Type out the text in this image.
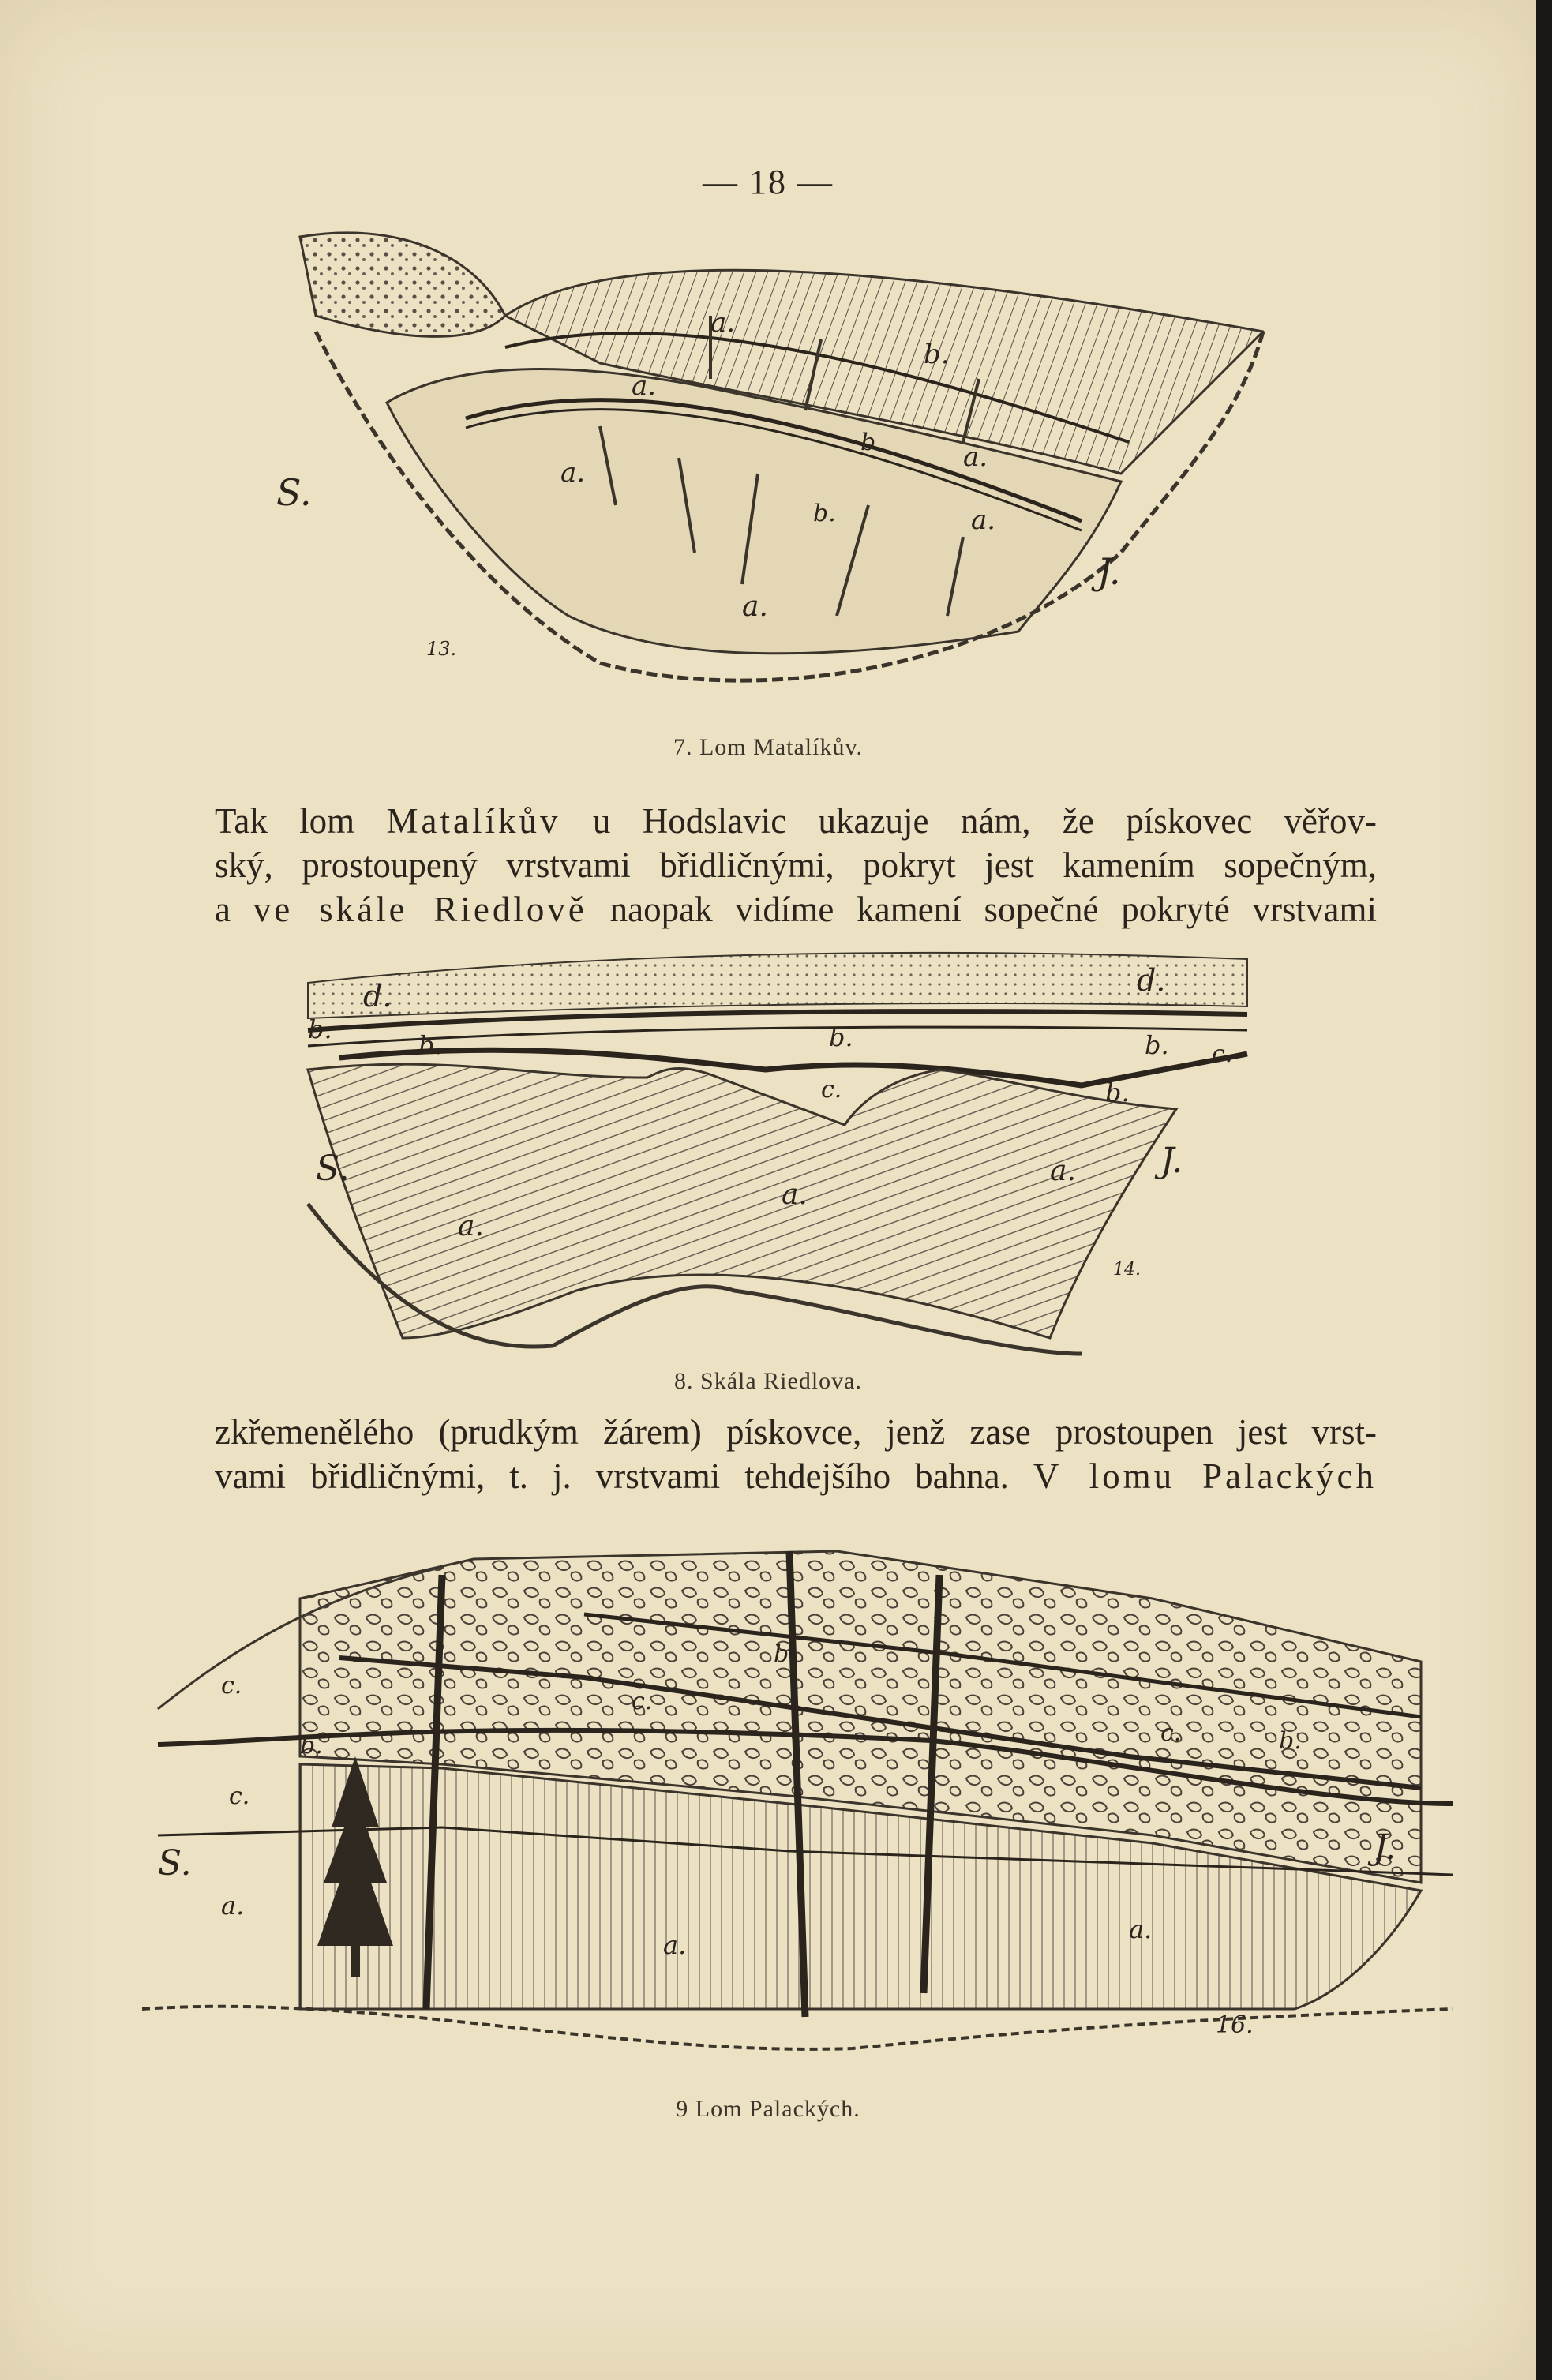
— 18 —
S.
J.
a.
a.
a.	a.
a.
a.
b.
b.
b.
13.
7. Lom Matalíkův.
Tak lom Matalíkův u Hodslavic ukazuje nám, že pískovec věřov-
ský, prostoupený vrstvami břidličnými, pokryt jest kamením sopečným,
a ve skále Riedlově naopak vidíme kamení sopečné pokryté vrstvami
S.	J.
d.	d.
b.
b.	b.	b.
b.
c.
c.
a.
a.
a.
14.
8. Skála Riedlova.
zkřemenělého (prudkým žárem) pískovce, jenž zase prostoupen jest vrst-
vami břidličnými, t. j. vrstvami tehdejšího bahna. V lomu Palackých
S.	J.
c.
c.
c.
c.
b.
b.
b.
a.
a.
a.
16.
9 Lom Palackých.
